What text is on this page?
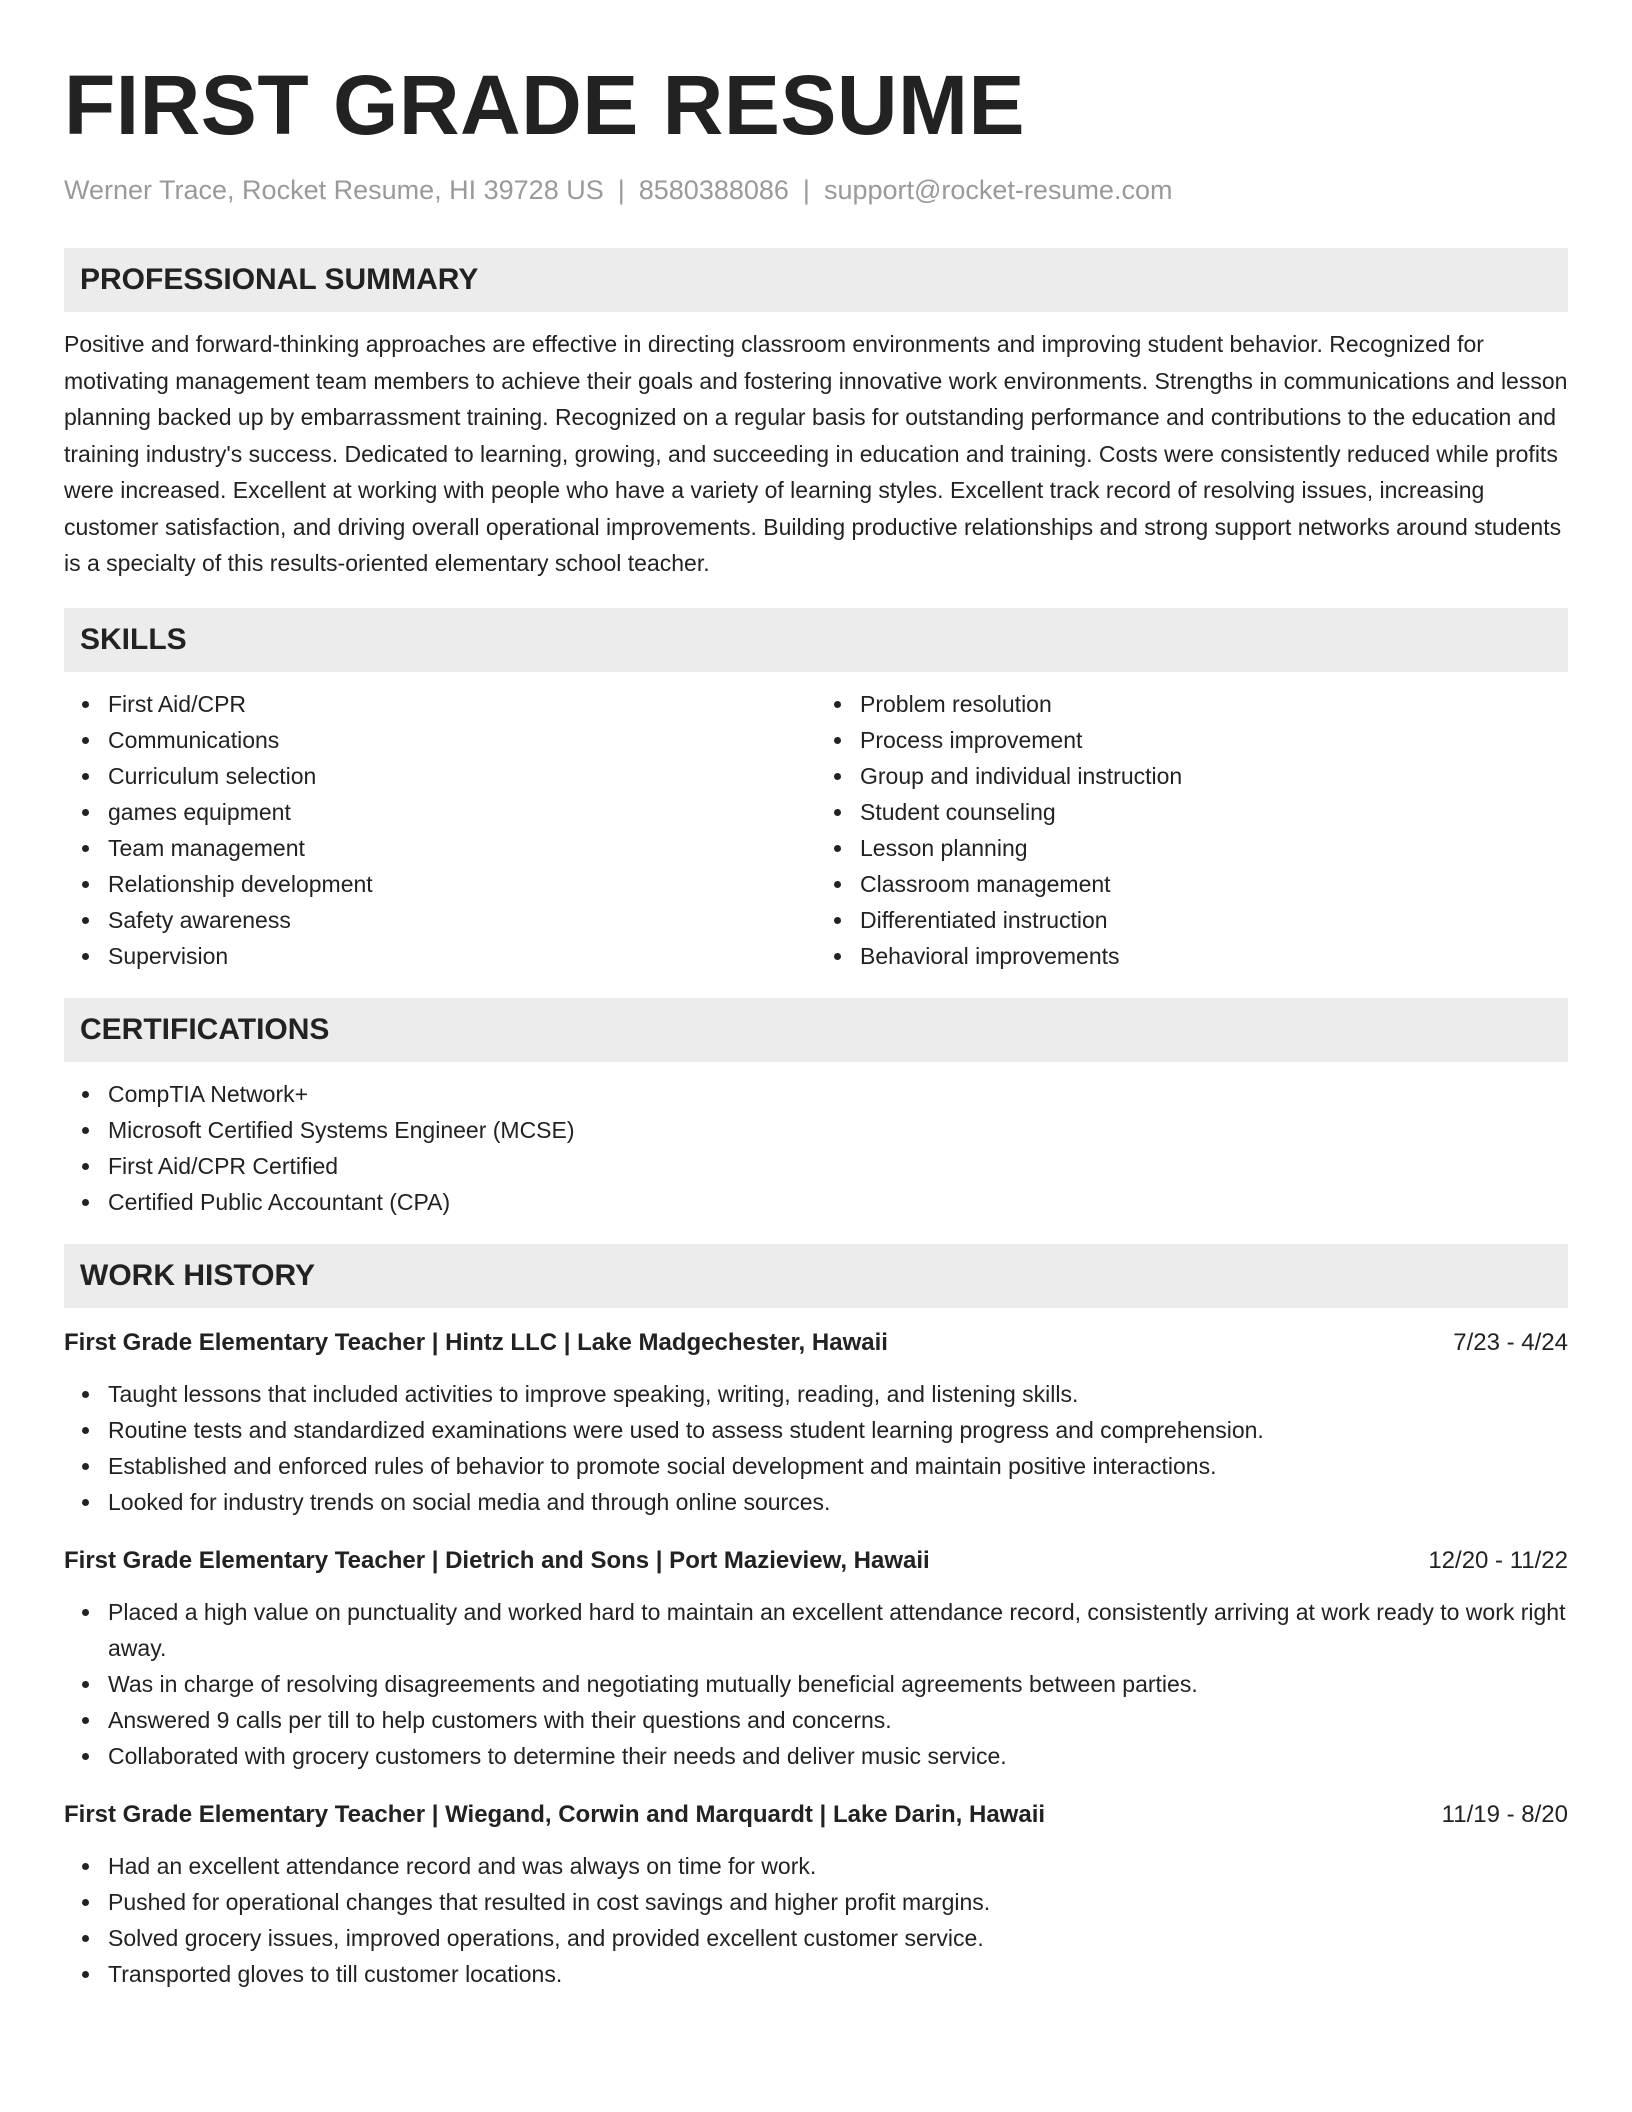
FIRST GRADE RESUME
Werner Trace, Rocket Resume, HI 39728 US | 8580388086 | support@rocket-resume.com
PROFESSIONAL SUMMARY

Positive and forward-thinking approaches are effective in directing classroom environments and improving student behavior. Recognized for motivating management team members to achieve their goals and fostering innovative work environments. Strengths in communications and lesson planning backed up by embarrassment training. Recognized on a regular basis for outstanding performance and contributions to the education and training industry's success. Dedicated to learning, growing, and succeeding in education and training. Costs were consistently reduced while profits were increased. Excellent at working with people who have a variety of learning styles. Excellent track record of resolving issues, increasing customer satisfaction, and driving overall operational improvements. Building productive relationships and strong support networks around students is a specialty of this results-oriented elementary school teacher.

SKILLS
First Aid/CPR
Communications
Curriculum selection
games equipment
Team management
Relationship development
Safety awareness
Supervision
Problem resolution
Process improvement
Group and individual instruction
Student counseling
Lesson planning
Classroom management
Differentiated instruction
Behavioral improvements
CERTIFICATIONS
CompTIA Network+
Microsoft Certified Systems Engineer (MCSE)
First Aid/CPR Certified
Certified Public Accountant (CPA)
WORK HISTORY
First Grade Elementary Teacher | Hintz LLC | Lake Madgechester, Hawaii	7/23 - 4/24
Taught lessons that included activities to improve speaking, writing, reading, and listening skills.
Routine tests and standardized examinations were used to assess student learning progress and comprehension.
Established and enforced rules of behavior to promote social development and maintain positive interactions.
Looked for industry trends on social media and through online sources.
First Grade Elementary Teacher | Dietrich and Sons | Port Mazieview, Hawaii	12/20 - 11/22
Placed a high value on punctuality and worked hard to maintain an excellent attendance record, consistently arriving at work ready to work right away.
Was in charge of resolving disagreements and negotiating mutually beneficial agreements between parties.
Answered 9 calls per till to help customers with their questions and concerns.
Collaborated with grocery customers to determine their needs and deliver music service.
First Grade Elementary Teacher | Wiegand, Corwin and Marquardt | Lake Darin, Hawaii	11/19 - 8/20
Had an excellent attendance record and was always on time for work.
Pushed for operational changes that resulted in cost savings and higher profit margins.
Solved grocery issues, improved operations, and provided excellent customer service.
Transported gloves to till customer locations.
